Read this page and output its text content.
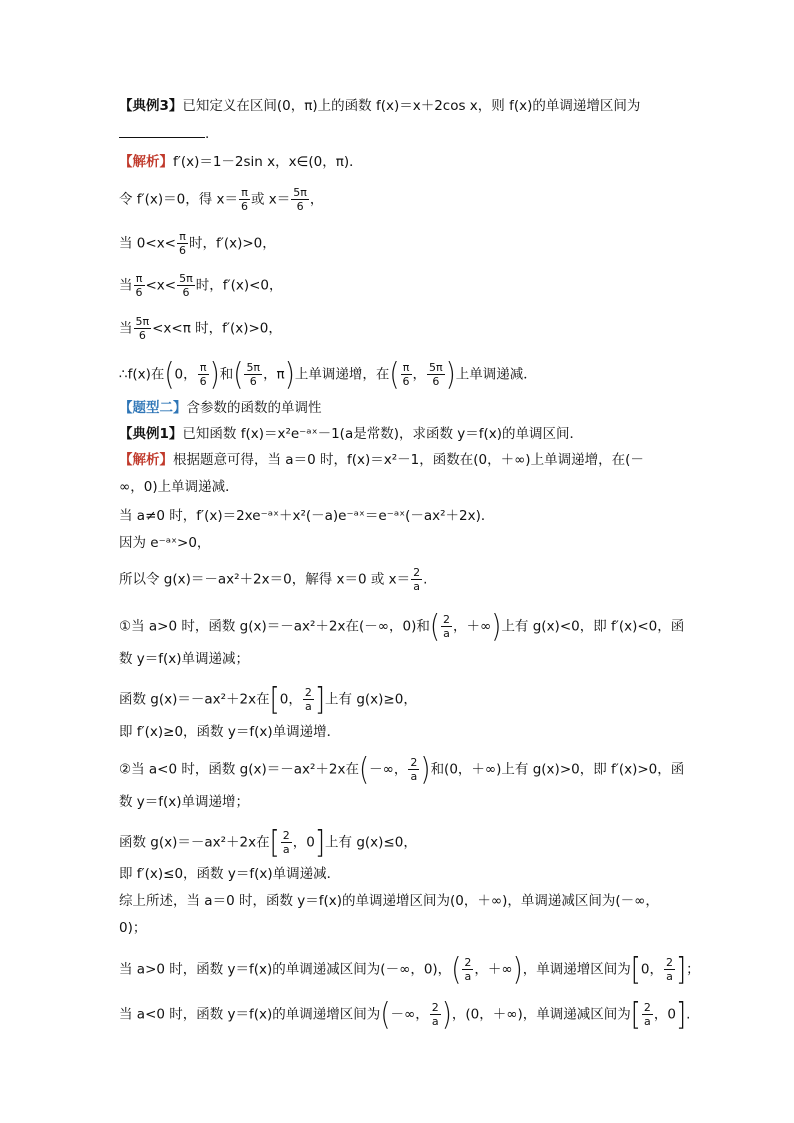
【典例3】已知定义在区间(0，π)上的函数 f(x)＝x＋2cos x，则 f(x)的单调递增区间为
.
【解析】f′(x)＝1－2sin x，x∈(0，π)．
令 f′(x)＝0，得 $x= \frac{\pi}{6}$ 或 $x= \frac{5\pi}{6}$ ，
当 $0<x< \frac{\pi}{6}$ 时，f′(x)>0，
当 $\frac{\pi}{6} <x< \frac{5\pi}{6}$ 时，f′(x)<0，
当 $\frac{5\pi}{6} <x<\pi$ 时，f′(x)>0，
∴f(x)在(0， $\frac{\pi}{6}$ )和( $\frac{5\pi}{6}$ ，π)上单调递增，在( $\frac{\pi}{6}$ ， $\frac{5\pi}{6}$ )上单调递减．
【题型二】含参数的函数的单调性
【典例1】已知函数 f(x)＝x²e⁻ᵃˣ－1(a是常数)，求函数 y＝f(x)的单调区间．
【解析】根据题意可得，当 a＝0 时，f(x)＝x²－1，函数在(0，＋∞)上单调递增，在(－
∞，0)上单调递减．
当 a≠0 时，f′(x)＝2xe⁻ᵃˣ＋x²(－a)e⁻ᵃˣ＝e⁻ᵃˣ(－ax²＋2x)．
因为 e⁻ᵃˣ>0，
所以令 g(x)＝－ax²＋2x＝0，解得 x＝0 或 $x= \frac{2}{a}$ .
①当 a>0 时，函数 g(x)＝－ax²＋2x在(－∞，0)和( $\frac{2}{a}$ ，＋∞)上有 g(x)<0，即 f′(x)<0，函
数 y＝f(x)单调递减；
函数 g(x)＝－ax²＋2x在[0， $\frac{2}{a}$ ]上有 g(x)≥0，
即 f′(x)≥0，函数 y＝f(x)单调递增．
②当 a<0 时，函数 g(x)＝－ax²＋2x在(－∞， $\frac{2}{a}$ )和(0，＋∞)上有 g(x)>0，即 f′(x)>0，函
数 y＝f(x)单调递增；
函数 g(x)＝－ax²＋2x在[ $\frac{2}{a}$ ，0]上有 g(x)≤0，
即 f′(x)≤0，函数 y＝f(x)单调递减．
综上所述，当 a＝0 时，函数 y＝f(x)的单调递增区间为(0，＋∞)，单调递减区间为(－∞，
0)；
当 a>0 时，函数 y＝f(x)的单调递减区间为(－∞，0)，( $\frac{2}{a}$ ，＋∞)，单调递增区间为[0， $\frac{2}{a}$ ]；
当 a<0 时，函数 y＝f(x)的单调递增区间为(－∞， $\frac{2}{a}$ )，(0，＋∞)，单调递减区间为[ $\frac{2}{a}$ ，0].
